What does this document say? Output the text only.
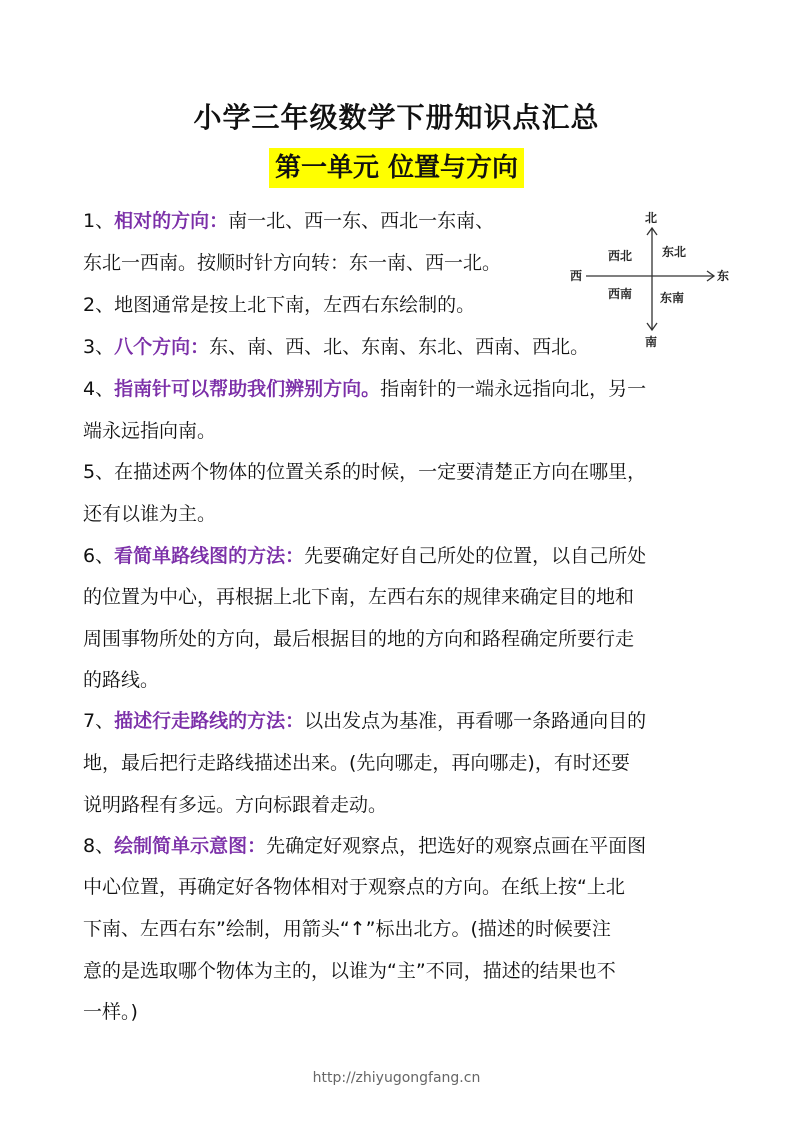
小学三年级数学下册知识点汇总
第一单元 位置与方向
1、相对的方向：南一北、西一东、西北一东南、
东北一西南。按顺时针方向转：东一南、西一北。
2、地图通常是按上北下南，左西右东绘制的。
3、八个方向：东、南、西、北、东南、东北、西南、西北。
4、指南针可以帮助我们辨别方向。指南针的一端永远指向北，另一
端永远指向南。
5、在描述两个物体的位置关系的时候，一定要清楚正方向在哪里，
还有以谁为主。
6、看简单路线图的方法：先要确定好自己所处的位置，以自己所处
的位置为中心，再根据上北下南，左西右东的规律来确定目的地和
周围事物所处的方向，最后根据目的地的方向和路程确定所要行走
的路线。
7、描述行走路线的方法：以出发点为基准，再看哪一条路通向目的
地，最后把行走路线描述出来。(先向哪走，再向哪走)，有时还要
说明路程有多远。方向标跟着走动。
8、绘制简单示意图：先确定好观察点，把选好的观察点画在平面图
中心位置，再确定好各物体相对于观察点的方向。在纸上按“上北
下南、左西右东”绘制，用箭头“↑”标出北方。(描述的时候要注
意的是选取哪个物体为主的，以谁为“主”不同，描述的结果也不
一样。)
北
南
东
西
西北 东北
西南 东南
http://zhiyugongfang.cn
